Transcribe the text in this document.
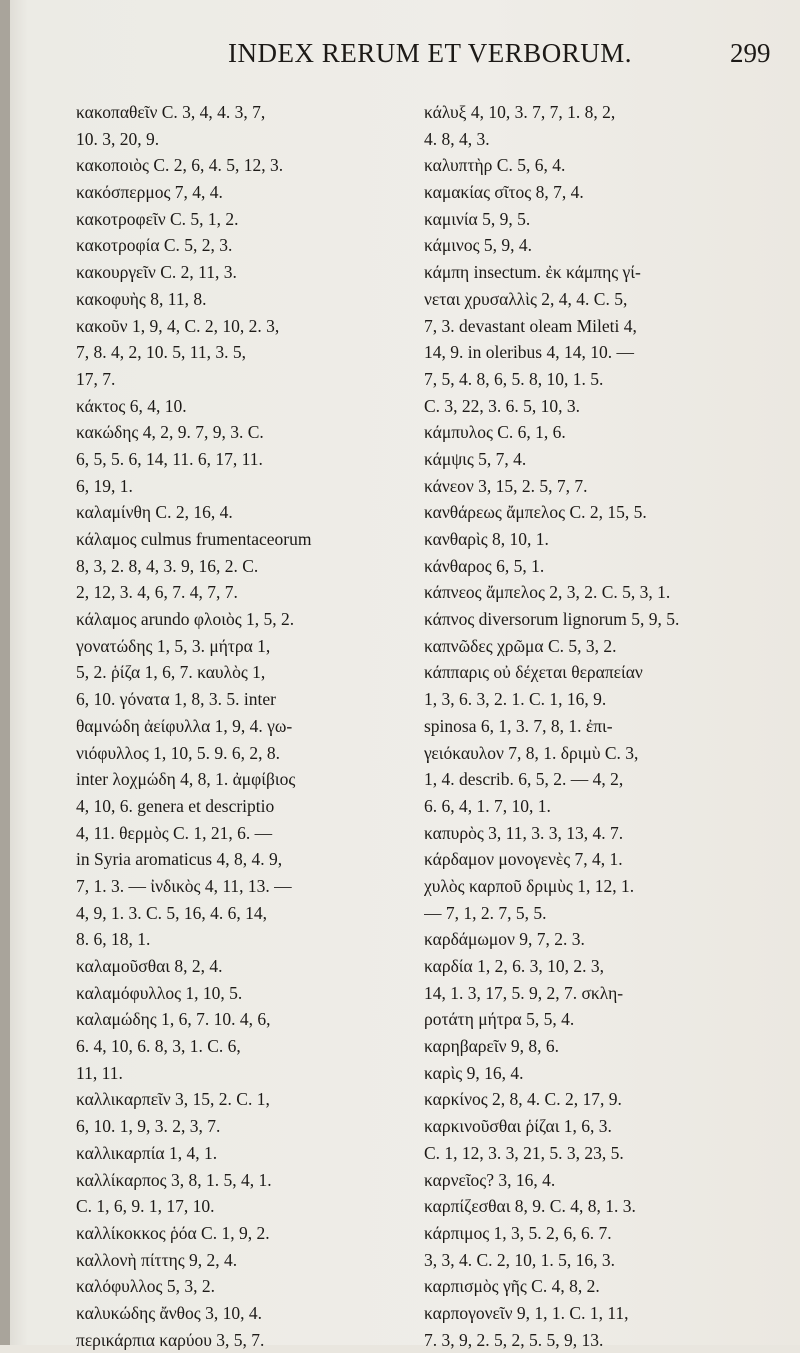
INDEX RERUM ET VERBORUM.	299
κακοπαθεῖν C. 3, 4, 4. 3, 7,
10. 3, 20, 9.
κακοποιὸς C. 2, 6, 4. 5, 12, 3.
κακόσπερμος 7, 4, 4.
κακοτροφεῖν C. 5, 1, 2.
κακοτροφία C. 5, 2, 3.
κακουργεῖν C. 2, 11, 3.
κακοφυὴς 8, 11, 8.
κακοῦν 1, 9, 4, C. 2, 10, 2. 3,
7, 8. 4, 2, 10. 5, 11, 3. 5,
17, 7.
κάκτος 6, 4, 10.
κακώδης 4, 2, 9. 7, 9, 3. C.
6, 5, 5. 6, 14, 11. 6, 17, 11.
6, 19, 1.
καλαμίνθη C. 2, 16, 4.
κάλαμος culmus frumentaceorum
8, 3, 2. 8, 4, 3. 9, 16, 2. C.
2, 12, 3. 4, 6, 7. 4, 7, 7.
κάλαμος arundo φλοιὸς 1, 5, 2.
γονατώδης 1, 5, 3. μήτρα 1,
5, 2. ῥίζα 1, 6, 7. καυλὸς 1,
6, 10. γόνατα 1, 8, 3. 5. inter
θαμνώδη ἀείφυλλα 1, 9, 4. γω-
νιόφυλλος 1, 10, 5. 9. 6, 2, 8.
inter λοχμώδη 4, 8, 1. ἀμφίβιος
4, 10, 6. genera et descriptio
4, 11. θερμὸς C. 1, 21, 6. —
in Syria aromaticus 4, 8, 4. 9,
7, 1. 3. — ἰνδικὸς 4, 11, 13. —
4, 9, 1. 3. C. 5, 16, 4. 6, 14,
8. 6, 18, 1.
καλαμοῦσθαι 8, 2, 4.
καλαμόφυλλος 1, 10, 5.
καλαμώδης 1, 6, 7. 10. 4, 6,
6. 4, 10, 6. 8, 3, 1. C. 6,
11, 11.
καλλικαρπεῖν 3, 15, 2. C. 1,
6, 10. 1, 9, 3. 2, 3, 7.
καλλικαρπία 1, 4, 1.
καλλίκαρπος 3, 8, 1. 5, 4, 1.
C. 1, 6, 9. 1, 17, 10.
καλλίκοκκος ῥόα C. 1, 9, 2.
καλλονὴ πίττης 9, 2, 4.
καλόφυλλος 5, 3, 2.
καλυκώδης ἄνθος 3, 10, 4.
περικάρπια καρύου 3, 5, 7.
κάλυξ 4, 10, 3. 7, 7, 1. 8, 2,
4. 8, 4, 3.
καλυπτὴρ C. 5, 6, 4.
καμακίας σῖτος 8, 7, 4.
καμινία 5, 9, 5.
κάμινος 5, 9, 4.
κάμπη insectum. ἐκ κάμπης γί-
νεται χρυσαλλὶς 2, 4, 4. C. 5,
7, 3. devastant oleam Mileti 4,
14, 9. in oleribus 4, 14, 10. —
7, 5, 4. 8, 6, 5. 8, 10, 1. 5.
C. 3, 22, 3. 6. 5, 10, 3.
κάμπυλος C. 6, 1, 6.
κάμψις 5, 7, 4.
κάνεον 3, 15, 2. 5, 7, 7.
κανθάρεως ἄμπελος C. 2, 15, 5.
κανθαρὶς 8, 10, 1.
κάνθαρος 6, 5, 1.
κάπνεος ἄμπελος 2, 3, 2. C. 5, 3, 1.
κάπνος diversorum lignorum 5, 9, 5.
καπνῶδες χρῶμα C. 5, 3, 2.
κάππαρις οὐ δέχεται θεραπείαν
1, 3, 6. 3, 2. 1. C. 1, 16, 9.
spinosa 6, 1, 3. 7, 8, 1. ἐπι-
γειόκαυλον 7, 8, 1. δριμὺ C. 3,
1, 4. describ. 6, 5, 2. — 4, 2,
6. 6, 4, 1. 7, 10, 1.
καπυρὸς 3, 11, 3. 3, 13, 4. 7.
κάρδαμον μονογενὲς 7, 4, 1.
χυλὸς καρποῦ δριμὺς 1, 12, 1.
— 7, 1, 2. 7, 5, 5.
καρδάμωμον 9, 7, 2. 3.
καρδία 1, 2, 6. 3, 10, 2. 3,
14, 1. 3, 17, 5. 9, 2, 7. σκλη-
ροτάτη μήτρα 5, 5, 4.
καρηβαρεῖν 9, 8, 6.
καρὶς 9, 16, 4.
καρκίνος 2, 8, 4. C. 2, 17, 9.
καρκινοῦσθαι ῥίζαι 1, 6, 3.
C. 1, 12, 3. 3, 21, 5. 3, 23, 5.
καρνεῖος? 3, 16, 4.
καρπίζεσθαι 8, 9. C. 4, 8, 1. 3.
κάρπιμος 1, 3, 5. 2, 6, 6. 7.
3, 3, 4. C. 2, 10, 1. 5, 16, 3.
καρπισμὸς γῆς C. 4, 8, 2.
καρπογονεῖν 9, 1, 1. C. 1, 11,
7. 3, 9, 2. 5, 2, 5. 5, 9, 13.
